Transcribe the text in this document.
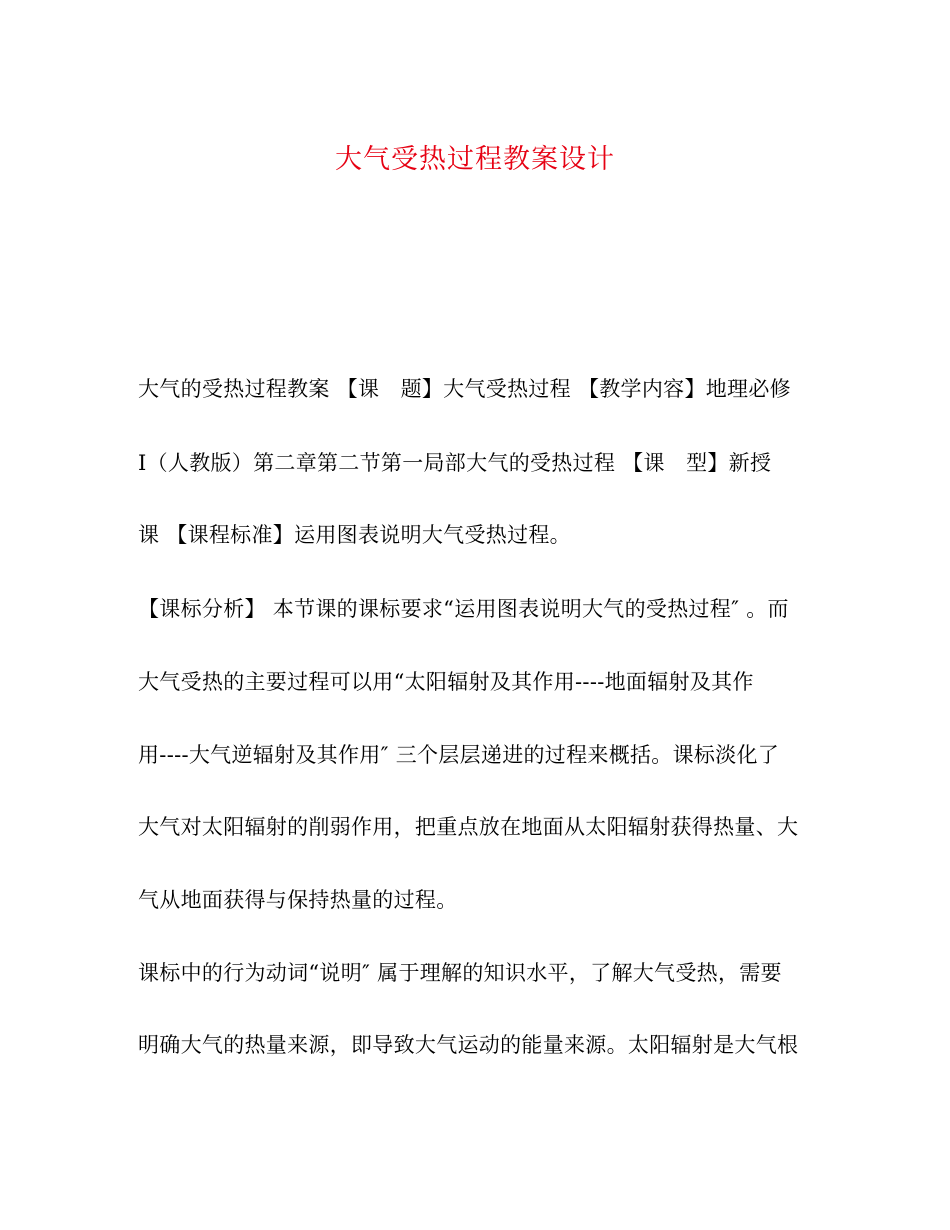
大气受热过程教案设计
大气的受热过程教案 【课　题】大气受热过程 【教学内容】地理必修
Ⅰ（人教版）第二章第二节第一局部大气的受热过程 【课　型】新授
课 【课程标准】运用图表说明大气受热过程。
【课标分析】 本节课的课标要求“运用图表说明大气的受热过程″ 。而
大气受热的主要过程可以用“太阳辐射及其作用----地面辐射及其作
用----大气逆辐射及其作用″ 三个层层递进的过程来概括。课标淡化了
大气对太阳辐射的削弱作用，把重点放在地面从太阳辐射获得热量、大
气从地面获得与保持热量的过程。
课标中的行为动词“说明″ 属于理解的知识水平，了解大气受热，需要
明确大气的热量来源，即导致大气运动的能量来源。太阳辐射是大气根
